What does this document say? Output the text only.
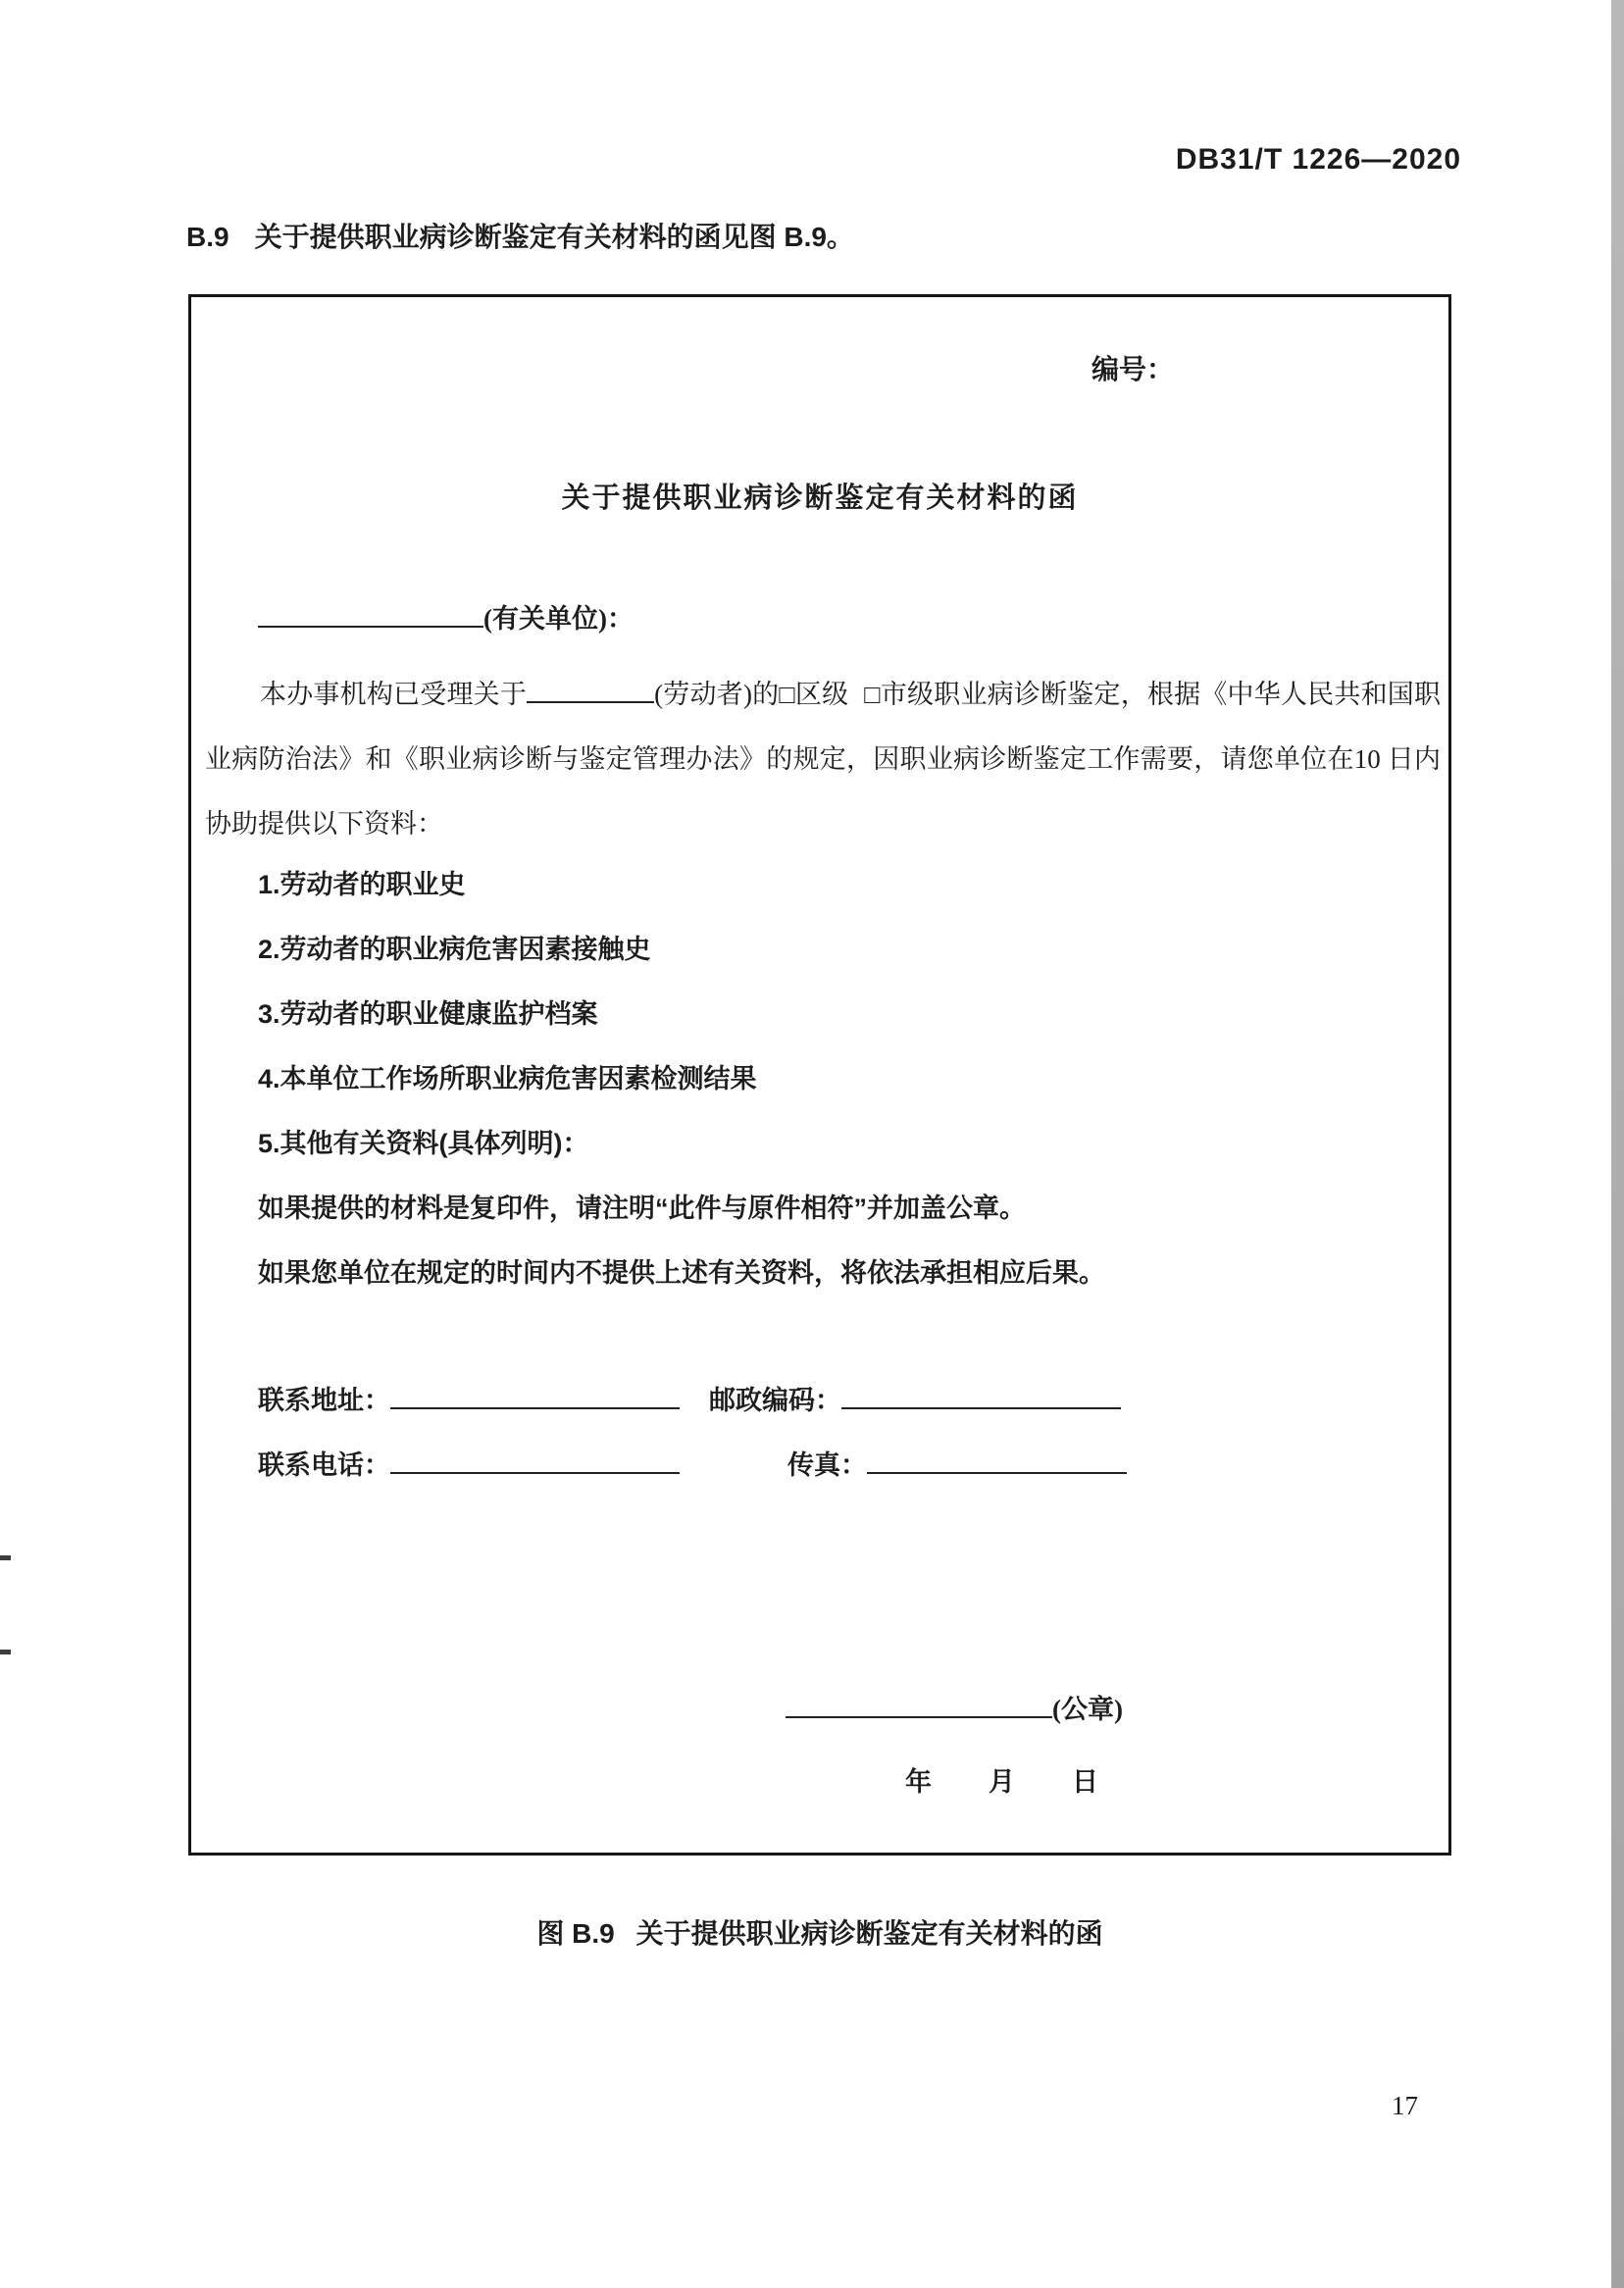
DB31/T 1226—2020
B.9 关于提供职业病诊断鉴定有关材料的函见图 B.9。
编号：
关于提供职业病诊断鉴定有关材料的函
(有关单位)：

本办事机构已受理关于	(劳动者)的□区级 □市级职业病诊断鉴定，根据《中华人民共和国职业病防治法》和《职业病诊断与鉴定管理办法》的规定，因职业病诊断鉴定工作需要，请您单位在10 日内协助提供以下资料：

1.劳动者的职业史
2.劳动者的职业病危害因素接触史
3.劳动者的职业健康监护档案
4.本单位工作场所职业病危害因素检测结果
5.其他有关资料(具体列明)：
如果提供的材料是复印件，请注明“此件与原件相符”并加盖公章。
如果您单位在规定的时间内不提供上述有关资料，将依法承担相应后果。
联系地址：	邮政编码：
联系电话：	传真：
(公章)
年 月 日
图 B.9 关于提供职业病诊断鉴定有关材料的函
17
